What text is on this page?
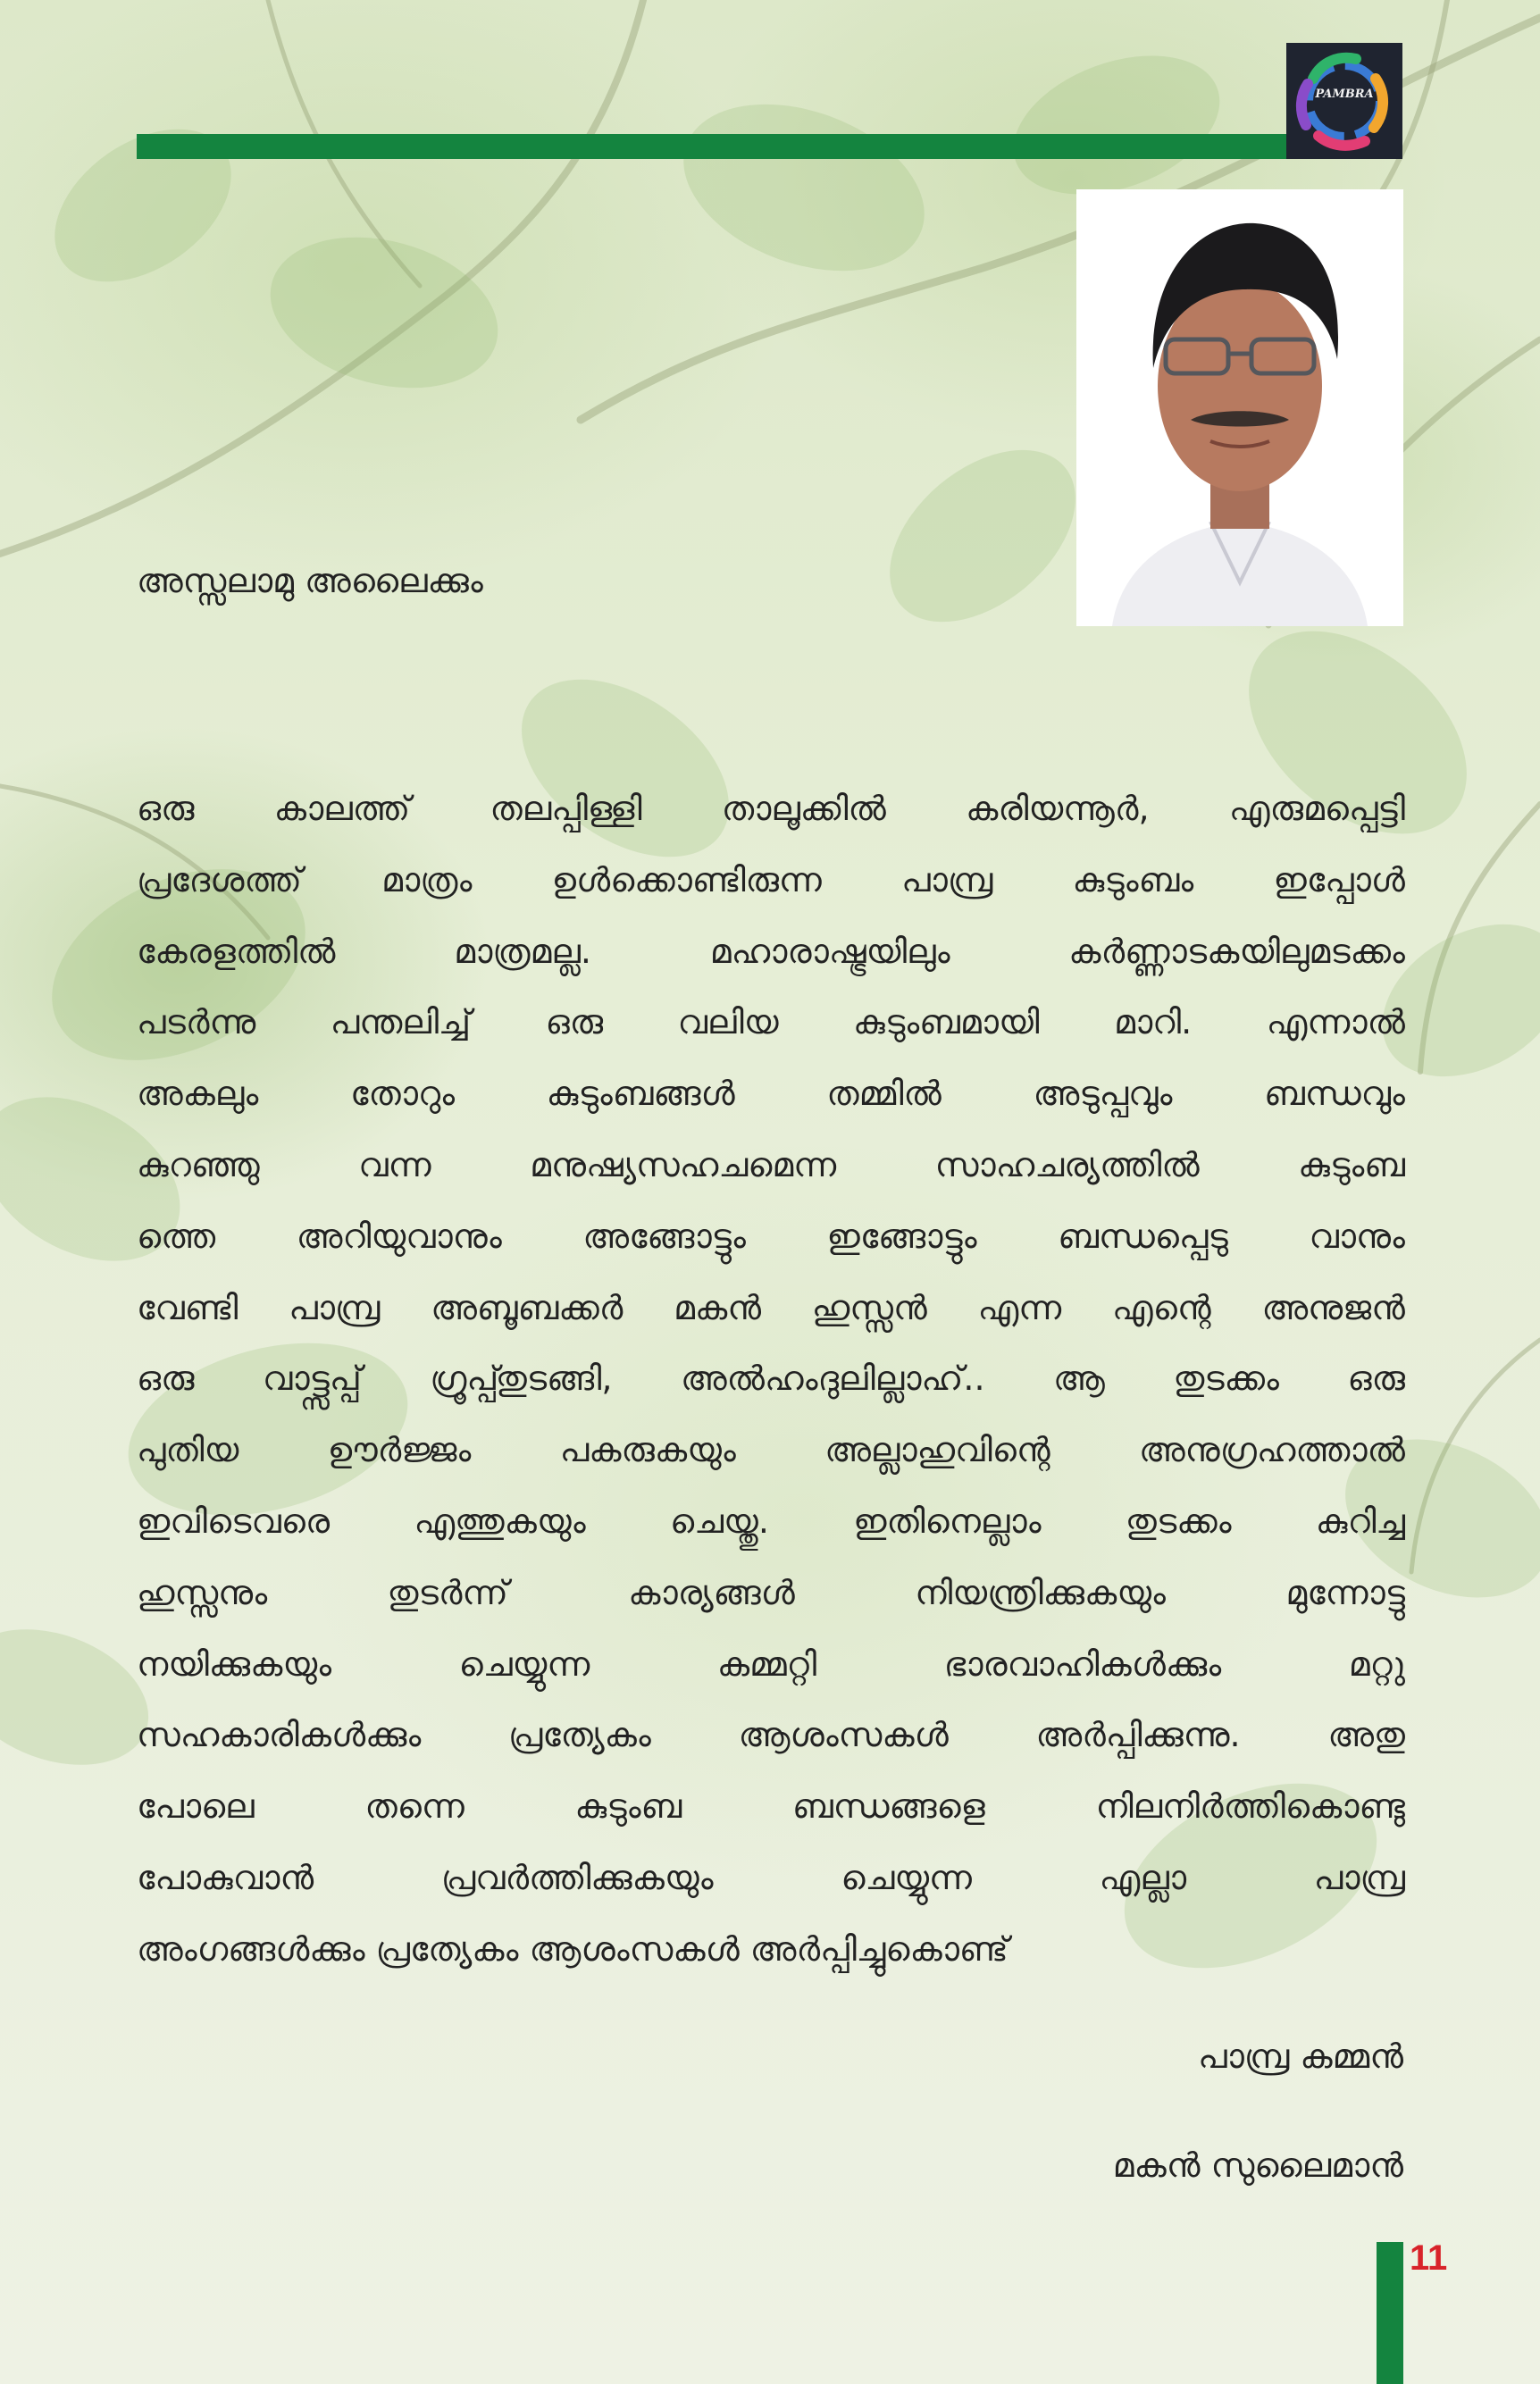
PAMBRA
അസ്സലാമു അലൈക്കും
ഒരു കാലത്ത് തലപ്പിള്ളി താലൂക്കിൽ കരിയന്നൂർ, എരുമപ്പെട്ടി
പ്രദേശത്ത് മാത്രം ഉൾക്കൊണ്ടിരുന്ന പാമ്പ്ര കുടുംബം ഇപ്പോൾ
കേരളത്തിൽ	മാത്രമല്ല.	മഹാരാഷ്ട്രയിലും	കർണ്ണാടകയിലുമടക്കം
പടർന്നു പന്തലിച്ച് ഒരു വലിയ കുടുംബമായി മാറി. എന്നാൽ
അകലും	തോറും	കുടുംബങ്ങൾ	തമ്മിൽ	അടുപ്പവും	ബന്ധവും
കുറഞ്ഞു	വന്ന	മനുഷ്യസഹചമെന്ന	സാഹചര്യത്തിൽ	കുടുംബ
ത്തെ അറിയുവാനും അങ്ങോട്ടും ഇങ്ങോട്ടും ബന്ധപ്പെടു വാനും
വേണ്ടി പാമ്പ്ര അബൂബക്കർ മകൻ ഹുസ്സൻ എന്ന എന്റെ അനുജൻ
ഒരു വാട്ട്സപ്പ് ഗ്രൂപ്പ്തുടങ്ങി, അൽഹംദുലില്ലാഹ്.. ആ തുടക്കം ഒരു
പുതിയ	ഊർജ്ജം	പകരുകയും	അല്ലാഹുവിന്റെ	അനുഗ്രഹത്താൽ
ഇവിടെവരെ എത്തുകയും ചെയ്തു. ഇതിനെല്ലാം തുടക്കം കുറിച്ച
ഹുസ്സനും	തുടർന്ന്	കാര്യങ്ങൾ	നിയന്ത്രിക്കുകയും	മുന്നോട്ടു
നയിക്കുകയും	ചെയ്യുന്ന	കമ്മറ്റി	ഭാരവാഹികൾക്കും	മറ്റു
സഹകാരികൾക്കും	പ്രത്യേകം	ആശംസകൾ	അർപ്പിക്കുന്നു.	അതു
പോലെ	തന്നെ	കുടുംബ	ബന്ധങ്ങളെ	നിലനിർത്തികൊണ്ടു
പോകുവാൻ	പ്രവർത്തിക്കുകയും	ചെയ്യുന്ന	എല്ലാ	പാമ്പ്ര
അംഗങ്ങൾക്കും പ്രത്യേകം ആശംസകൾ അർപ്പിച്ചുകൊണ്ട്
പാമ്പ്ര കമ്മൻ
മകൻ സുലൈമാൻ
11
